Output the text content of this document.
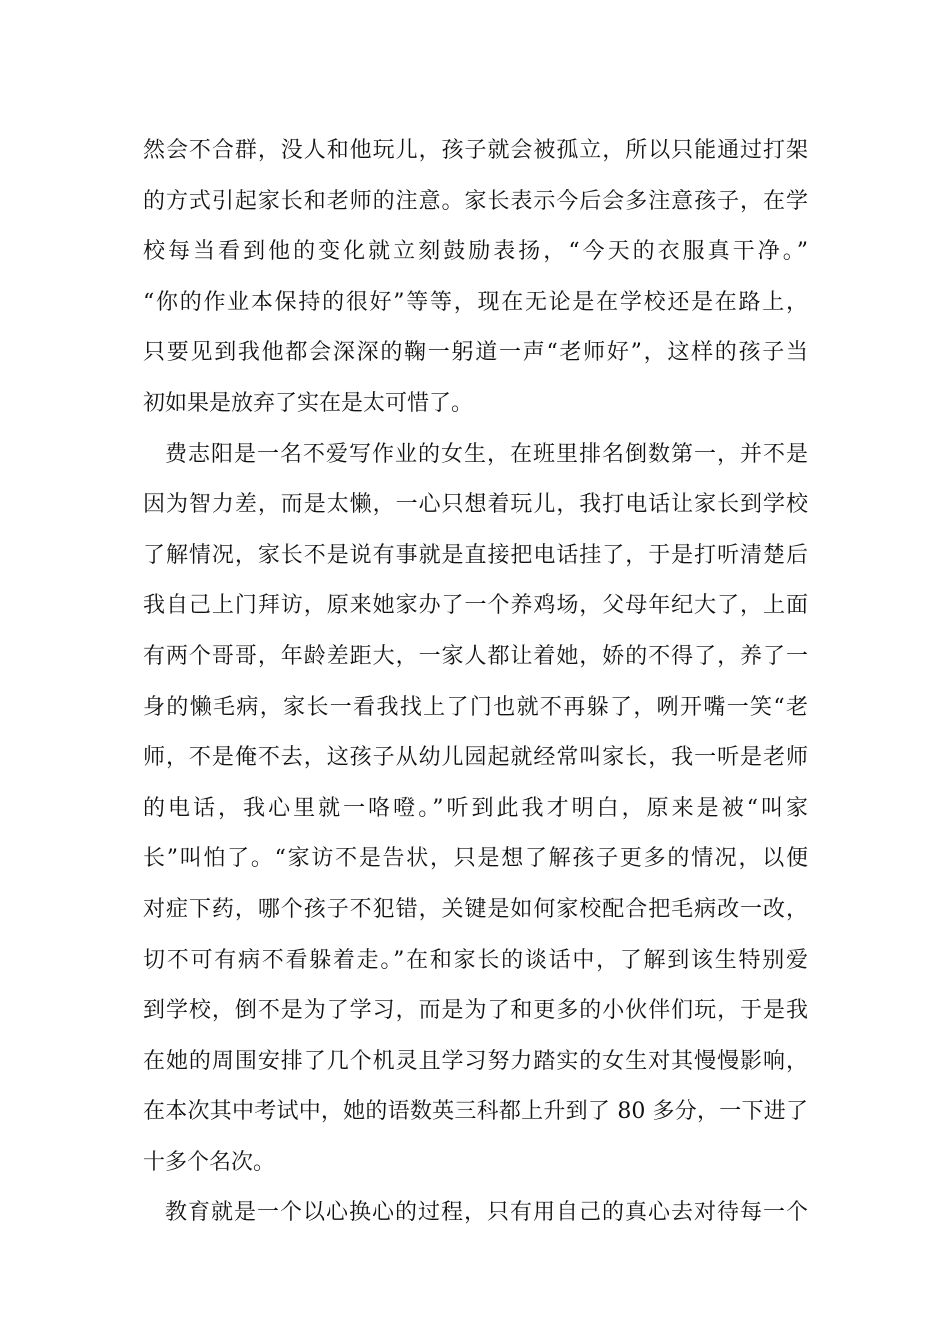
然会不合群，没人和他玩儿，孩子就会被孤立，所以只能通过打架
的方式引起家长和老师的注意。家长表示今后会多注意孩子，在学
校每当看到他的变化就立刻鼓励表扬，“今天的衣服真干净。”
“你的作业本保持的很好”等等，现在无论是在学校还是在路上，
只要见到我他都会深深的鞠一躬道一声“老师好”，这样的孩子当
初如果是放弃了实在是太可惜了。
费志阳是一名不爱写作业的女生，在班里排名倒数第一，并不是
因为智力差，而是太懒，一心只想着玩儿，我打电话让家长到学校
了解情况，家长不是说有事就是直接把电话挂了，于是打听清楚后
我自己上门拜访，原来她家办了一个养鸡场，父母年纪大了，上面
有两个哥哥，年龄差距大，一家人都让着她，娇的不得了，养了一
身的懒毛病，家长一看我找上了门也就不再躲了，咧开嘴一笑“老
师，不是俺不去，这孩子从幼儿园起就经常叫家长，我一听是老师
的电话，我心里就一咯噔。”听到此我才明白，原来是被“叫家
长”叫怕了。“家访不是告状，只是想了解孩子更多的情况，以便
对症下药，哪个孩子不犯错，关键是如何家校配合把毛病改一改，
切不可有病不看躲着走。”在和家长的谈话中，了解到该生特别爱
到学校，倒不是为了学习，而是为了和更多的小伙伴们玩，于是我
在她的周围安排了几个机灵且学习努力踏实的女生对其慢慢影响，
在本次其中考试中，她的语数英三科都上升到了 80 多分，一下进了
十多个名次。
教育就是一个以心换心的过程，只有用自己的真心去对待每一个
